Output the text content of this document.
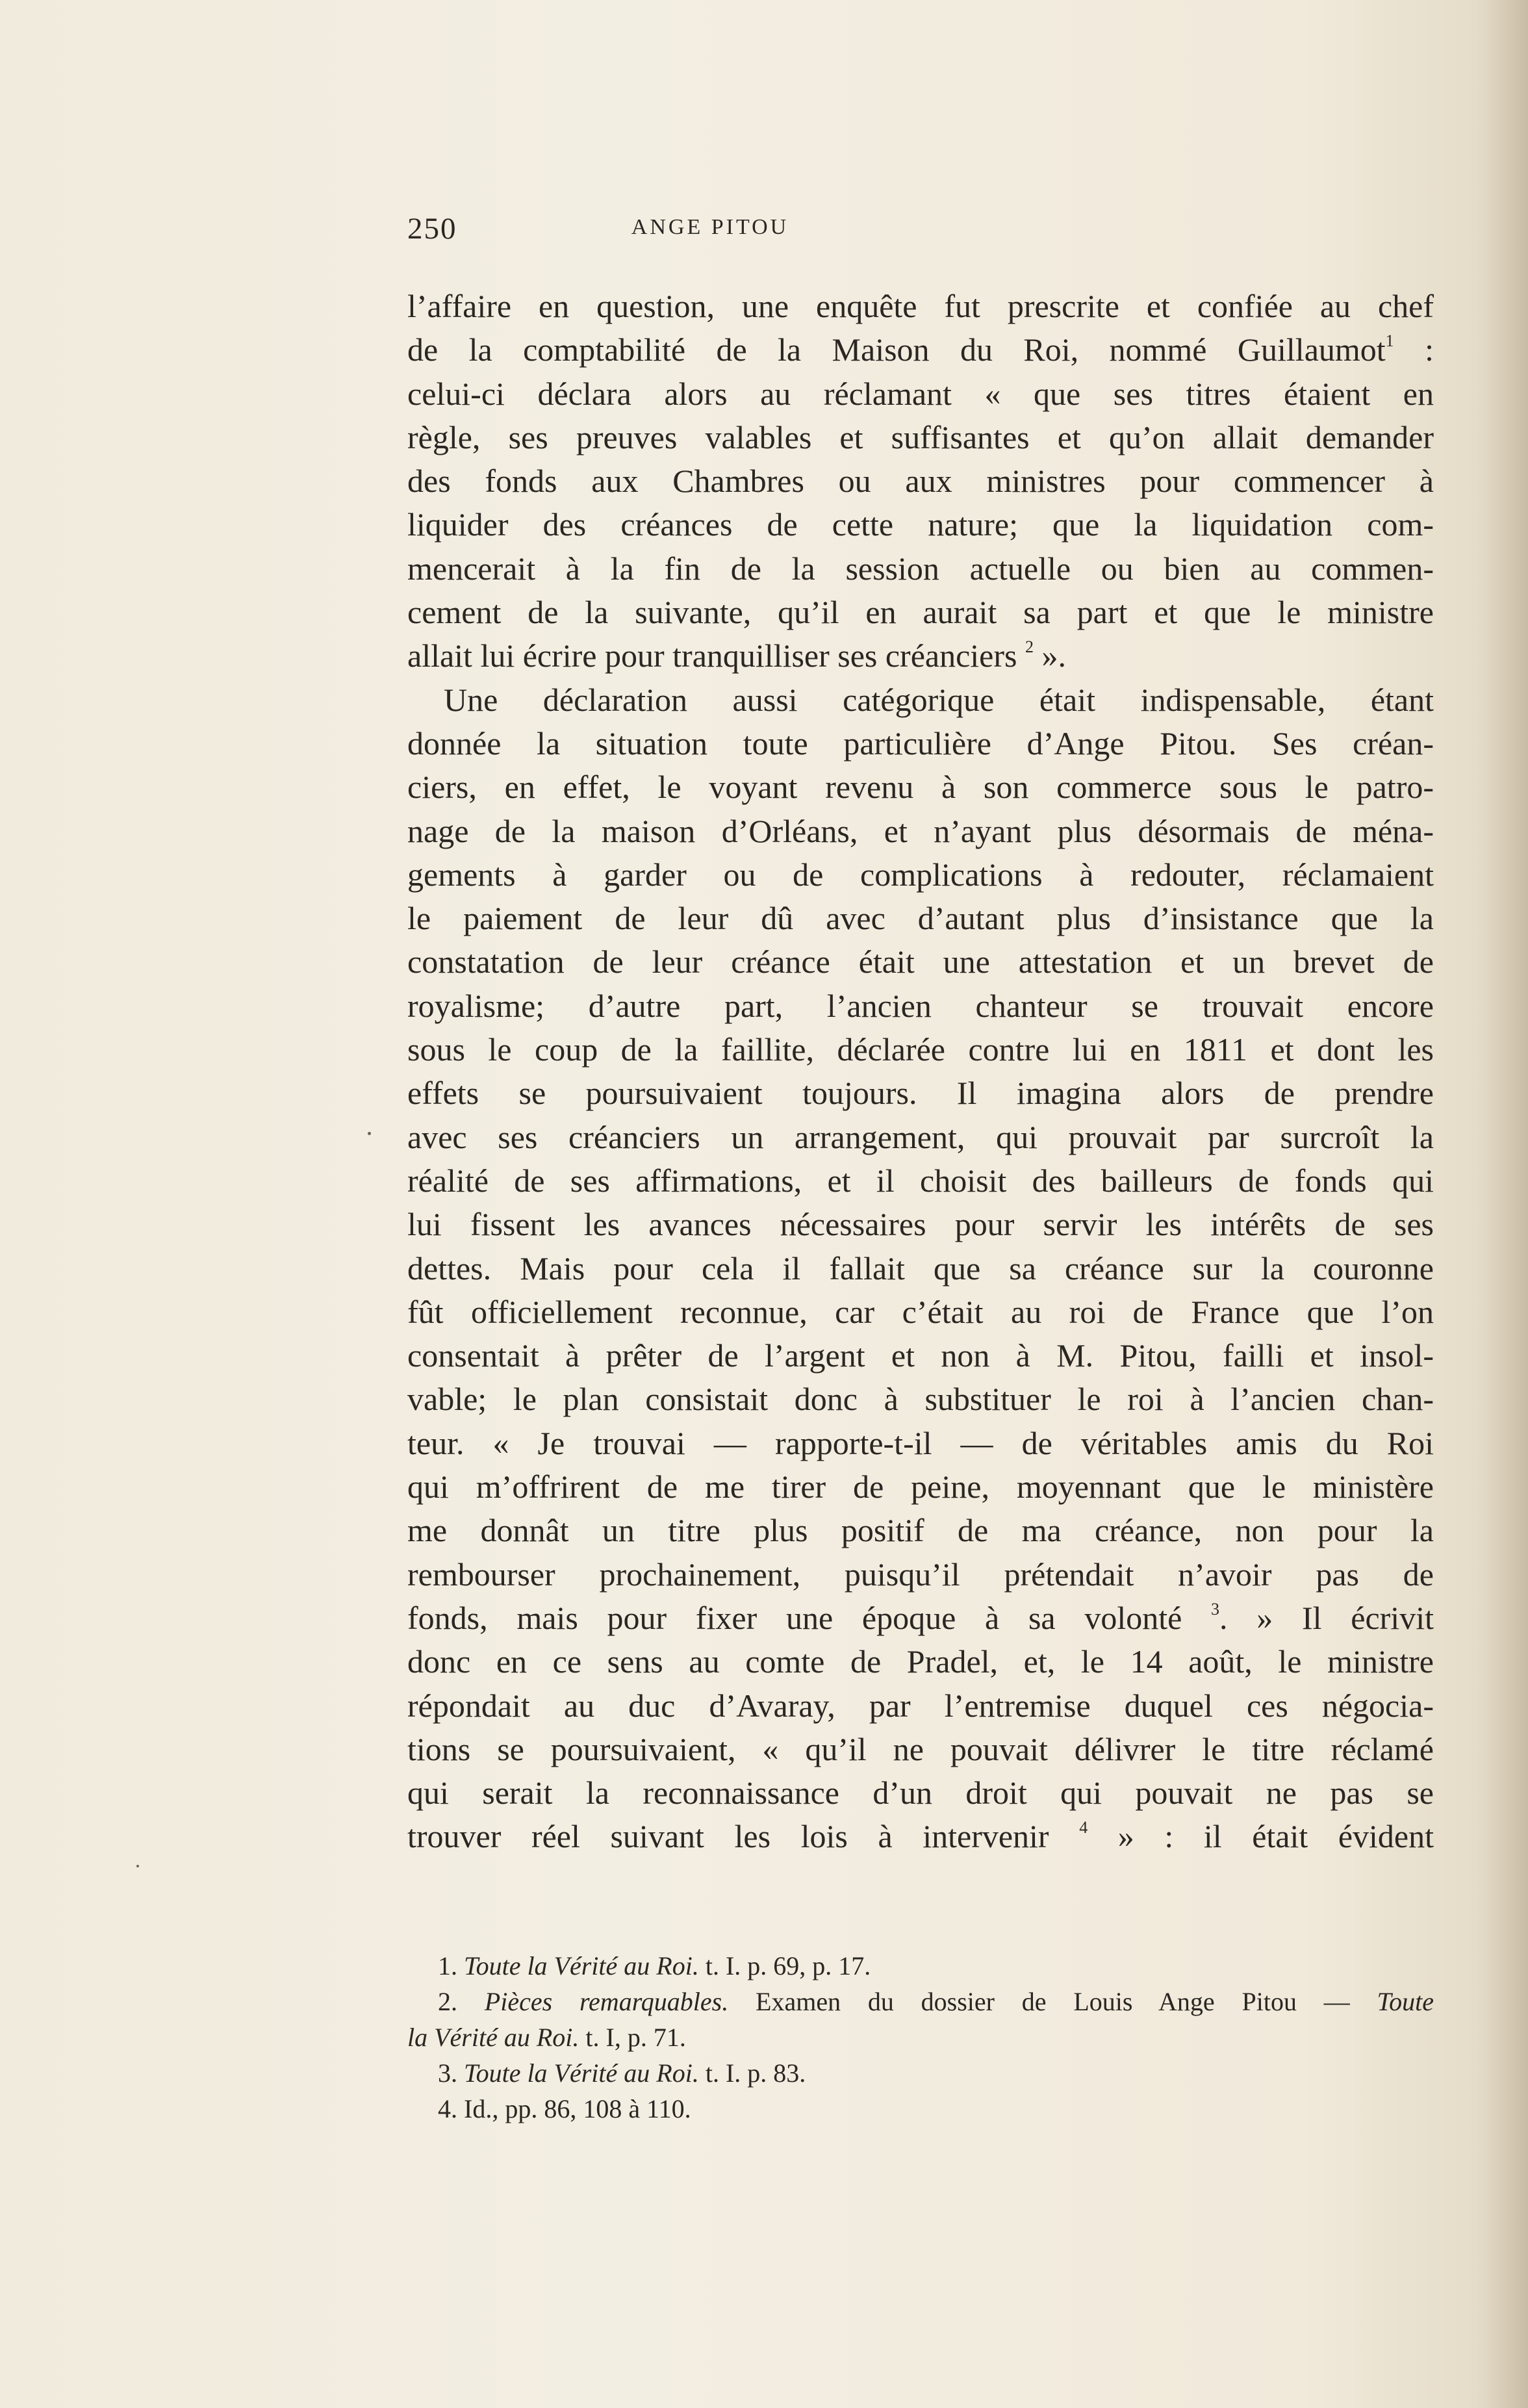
250	ANGE PITOU
l’affaire en question, une enquête fut prescrite et confiée au chef
de la comptabilité de la Maison du Roi, nommé Guillaumot$^1$ :
celui-ci déclara alors au réclamant « que ses titres étaient en
règle, ses preuves valables et suffisantes et qu’on allait demander
des fonds aux Chambres ou aux ministres pour commencer à
liquider des créances de cette nature; que la liquidation com-
mencerait à la fin de la session actuelle ou bien au commen-
cement de la suivante, qu’il en aurait sa part et que le ministre
allait lui écrire pour tranquilliser ses créanciers $^2$ ».
Une déclaration aussi catégorique était indispensable, étant
donnée la situation toute particulière d’Ange Pitou. Ses créan-
ciers, en effet, le voyant revenu à son commerce sous le patro-
nage de la maison d’Orléans, et n’ayant plus désormais de ména-
gements à garder ou de complications à redouter, réclamaient
le paiement de leur dû avec d’autant plus d’insistance que la
constatation de leur créance était une attestation et un brevet de
royalisme; d’autre part, l’ancien chanteur se trouvait encore
sous le coup de la faillite, déclarée contre lui en 1811 et dont les
effets se poursuivaient toujours. Il imagina alors de prendre
avec ses créanciers un arrangement, qui prouvait par surcroît la
réalité de ses affirmations, et il choisit des bailleurs de fonds qui
lui fissent les avances nécessaires pour servir les intérêts de ses
dettes. Mais pour cela il fallait que sa créance sur la couronne
fût officiellement reconnue, car c’était au roi de France que l’on
consentait à prêter de l’argent et non à M. Pitou, failli et insol-
vable; le plan consistait donc à substituer le roi à l’ancien chan-
teur. « Je trouvai — rapporte-t-il — de véritables amis du Roi
qui m’offrirent de me tirer de peine, moyennant que le ministère
me donnât un titre plus positif de ma créance, non pour la
rembourser prochainement, puisqu’il prétendait n’avoir pas de
fonds, mais pour fixer une époque à sa volonté $^3$. » Il écrivit
donc en ce sens au comte de Pradel, et, le 14 août, le ministre
répondait au duc d’Avaray, par l’entremise duquel ces négocia-
tions se poursuivaient, « qu’il ne pouvait délivrer le titre réclamé
qui serait la reconnaissance d’un droit qui pouvait ne pas se
trouver réel suivant les lois à intervenir $^4$ » : il était évident
1. Toute la Vérité au Roi. t. I. p. 69, p. 17.
2. Pièces remarquables. Examen du dossier de Louis Ange Pitou — Toute
la Vérité au Roi. t. I, p. 71.
3. Toute la Vérité au Roi. t. I. p. 83.
4. Id., pp. 86, 108 à 110.
